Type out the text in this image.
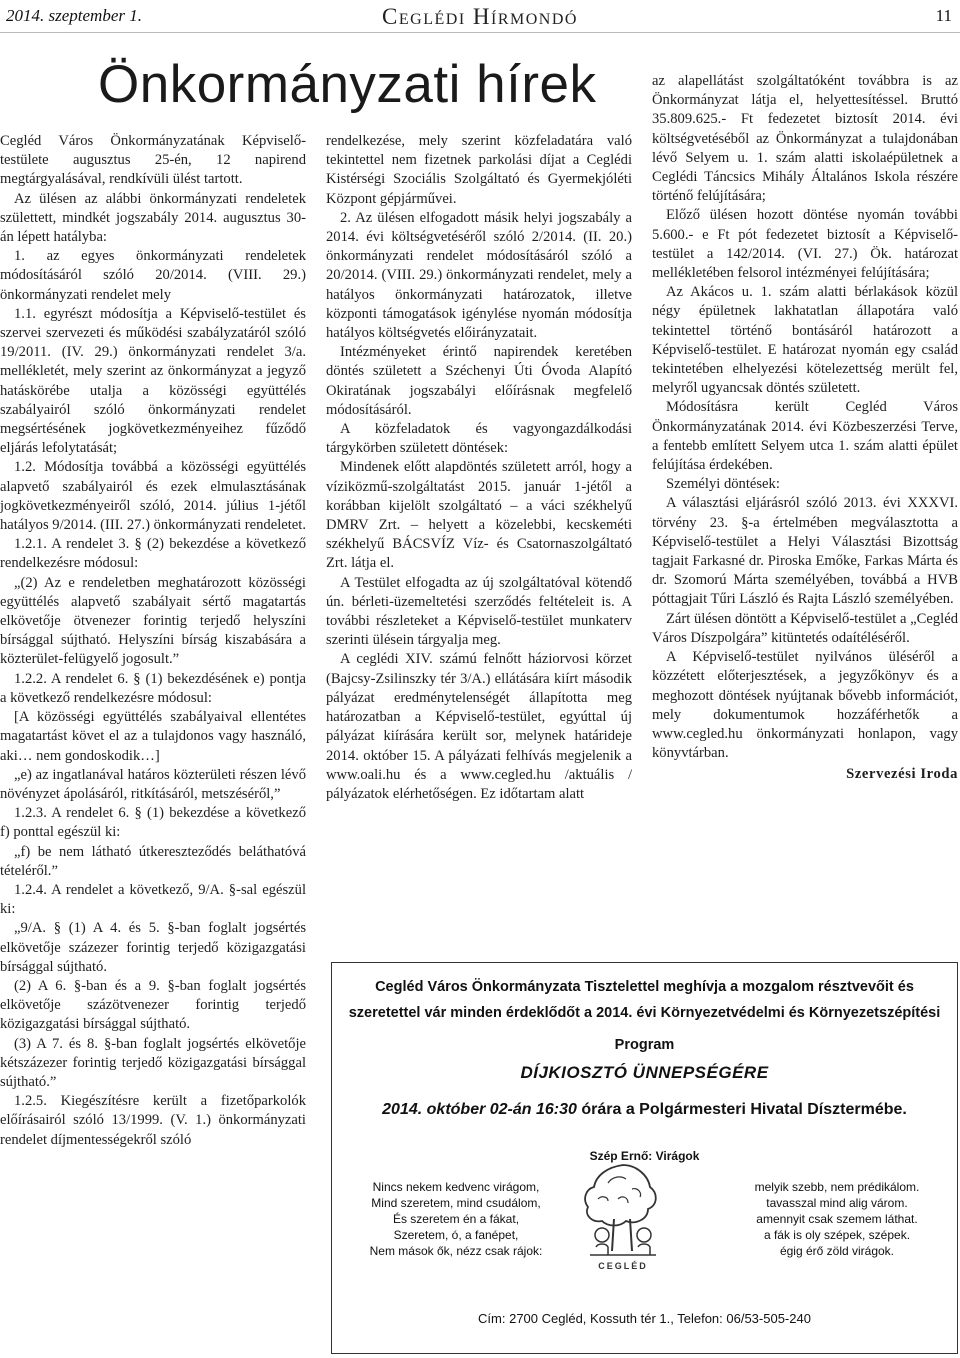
2014. szeptember 1.	Ceglédi Hírmondó	11
Önkormányzati hírek

Cegléd Város Önkormányzatának Képviselő-testülete augusztus 25-én, 12 napirend megtárgyalásával, rendkívüli ülést tartott.

Az ülésen az alábbi önkormányzati rendeletek születtett, mindkét jogszabály 2014. augusztus 30-án lépett hatályba:

1. az egyes önkormányzati rendeletek módosításáról szóló 20/2014. (VIII. 29.) önkormányzati rendelet mely

1.1. egyrészt módosítja a Képviselő-testület és szervei szervezeti és működési szabályzatáról szóló 19/2011. (IV. 29.) önkormányzati rendelet 3/a. mellékletét, mely szerint az önkormányzat a jegyző hatáskörébe utalja a közösségi együttélés szabályairól szóló önkormányzati rendelet megsértésének jogkövetkezményeihez fűződő eljárás lefolytatását;

1.2. Módosítja továbbá a közösségi együttélés alapvető szabályairól és ezek elmulasztásának jogkövetkezményeiről szóló, 2014. július 1-jétől hatályos 9/2014. (III. 27.) önkormányzati rendeletet.

1.2.1. A rendelet 3. § (2) bekezdése a következő rendelkezésre módosul:

„(2) Az e rendeletben meghatározott közösségi együttélés alapvető szabályait sértő magatartás elkövetője ötvenezer forintig terjedő helyszíni bírsággal sújtható. Helyszíni bírság kiszabására a közterület-felügyelő jogosult.”

1.2.2. A rendelet 6. § (1) bekezdésének e) pontja a következő rendelkezésre módosul:

[A közösségi együttélés szabályaival ellentétes magatartást követ el az a tulajdonos vagy használó, aki… nem gondoskodik…]

„e) az ingatlanával határos közterületi részen lévő növényzet ápolásáról, ritkításáról, metszéséről,”

1.2.3. A rendelet 6. § (1) bekezdése a következő f) ponttal egészül ki:

„f) be nem látható útkereszteződés beláthatóvá tételéről.”

1.2.4. A rendelet a következő, 9/A. §-sal egészül ki:

„9/A. § (1) A 4. és 5. §-ban foglalt jogsértés elkövetője százezer forintig terjedő közigazgatási bírsággal sújtható.

(2) A 6. §-ban és a 9. §-ban foglalt jogsértés elkövetője százötvenezer forintig terjedő közigazgatási bírsággal sújtható.

(3) A 7. és 8. §-ban foglalt jogsértés elkövetője kétszázezer forintig terjedő közigazgatási bírsággal sújtható.”

1.2.5. Kiegészítésre került a fizetőparkolók előírásairól szóló 13/1999. (V. 1.) önkormányzati rendelet díjmentességekről szóló

rendelkezése, mely szerint közfeladatára való tekintettel nem fizetnek parkolási díjat a Ceglédi Kistérségi Szociális Szolgáltató és Gyermekjóléti Központ gépjárművei.

2. Az ülésen elfogadott másik helyi jogszabály a 2014. évi költségvetéséről szóló 2/2014. (II. 20.) önkormányzati rendelet módosításáról szóló a 20/2014. (VIII. 29.) önkormányzati rendelet, mely a hatályos önkormányzati határozatok, illetve központi támogatások igénylése nyomán módosítja hatályos költségvetés előirányzatait.

Intézményeket érintő napirendek keretében döntés született a Széchenyi Úti Óvoda Alapító Okiratának jogszabályi előírásnak megfelelő módosításáról.

A közfeladatok és vagyongazdálkodási tárgykörben született döntések:

Mindenek előtt alapdöntés született arról, hogy a víziközmű-szolgáltatást 2015. január 1-jétől a korábban kijelölt szolgáltató – a váci székhelyű DMRV Zrt. – helyett a közelebbi, kecskeméti székhelyű BÁCSVÍZ Víz- és Csatornaszolgáltató Zrt. látja el.

A Testület elfogadta az új szolgáltatóval kötendő ún. bérleti-üzemeltetési szerződés feltételeit is. A további részleteket a Képviselő-testület munkaterv szerinti ülésein tárgyalja meg.

A ceglédi XIV. számú felnőtt háziorvosi körzet (Bajcsy-Zsilinszky tér 3/A.) ellátására kiírt második pályázat eredménytelenségét állapította meg határozatban a Képviselő-testület, egyúttal új pályázat kiírására került sor, melynek határideje 2014. október 15. A pályázati felhívás megjelenik a www.oali.hu és a www.cegled.hu /aktuális / pályázatok elérhetőségen. Ez időtartam alatt

az alapellátást szolgáltatóként továbbra is az Önkormányzat látja el, helyettesítéssel. Bruttó 35.809.625.- Ft fedezetet biztosít 2014. évi költségvetéséből az Önkormányzat a tulajdonában lévő Selyem u. 1. szám alatti iskolaépületnek a Ceglédi Táncsics Mihály Általános Iskola részére történő felújítására;

Előző ülésen hozott döntése nyomán további 5.600.- e Ft pót fedezetet biztosít a Képviselő-testület a 142/2014. (VI. 27.) Ök. határozat mellékletében felsorol intézményei felújítására;

Az Akácos u. 1. szám alatti bérlakások közül négy épületnek lakhatatlan állapotára való tekintettel történő bontásáról határozott a Képviselő-testület. E határozat nyomán egy család tekintetében elhelyezési kötelezettség merült fel, melyről ugyancsak döntés született.

Módosításra került Cegléd Város Önkormányzatának 2014. évi Közbeszerzési Terve, a fentebb említett Selyem utca 1. szám alatti épület felújítása érdekében.

Személyi döntések:

A választási eljárásról szóló 2013. évi XXXVI. törvény 23. §-a értelmében megválasztotta a Képviselő-testület a Helyi Választási Bizottság tagjait Farkasné dr. Piroska Emőke, Farkas Márta és dr. Szomorú Márta személyében, továbbá a HVB póttagjait Tűri László és Rajta László személyében.

Zárt ülésen döntött a Képviselő-testület a „Cegléd Város Díszpolgára” kitüntetés odaítéléséről.

A Képviselő-testület nyilvános üléséről a közzétett előterjesztések, a jegyzőkönyv és a meghozott döntések nyújtanak bővebb információt, mely dokumentumok hozzáférhetők a www.cegled.hu önkormányzati honlapon, vagy könyvtárban.

Szervezési Iroda

Cegléd Város Önkormányzata Tisztelettel meghívja a mozgalom résztvevőit és
szeretettel vár minden érdeklődőt a 2014. évi Környezetvédelmi és Környezetszépítési
Program
DÍJKIOSZTÓ ÜNNEPSÉGÉRE
2014. október 02-án 16:30 órára a Polgármesteri Hivatal Dísztermébe.
Szép Ernő: Virágok
Nincs nekem kedvenc virágom,
Mind szeretem, mind csudálom,
És szeretem én a fákat,
Szeretem, ó, a fanépet,
Nem mások ők, nézz csak rájok:
CEGLÉD
melyik szebb, nem prédikálom.
tavasszal mind alig várom.
amennyit csak szemem láthat.
a fák is oly szépek, szépek.
égig érő zöld virágok.
Cím: 2700 Cegléd, Kossuth tér 1., Telefon: 06/53-505-240
